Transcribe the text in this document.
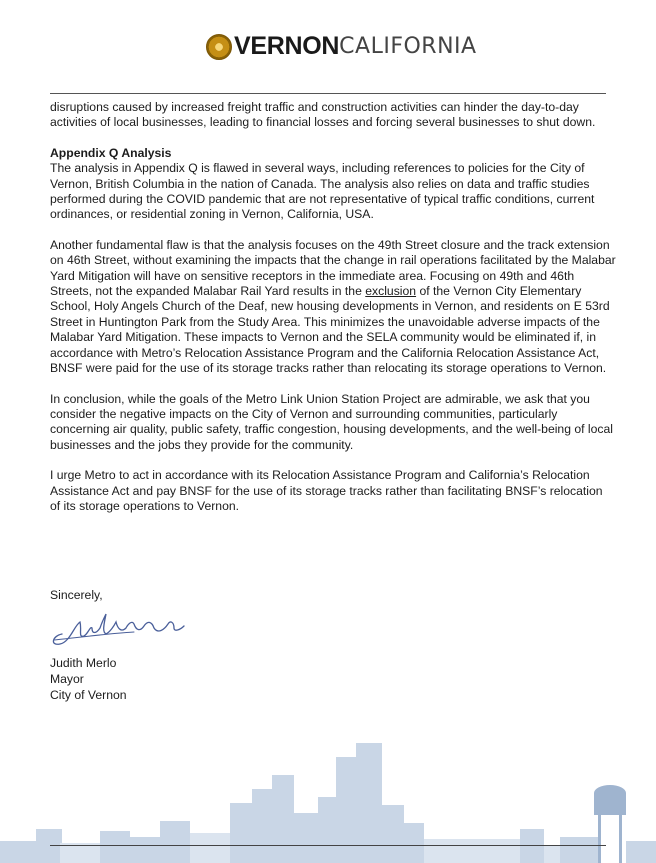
VERNON CALIFORNIA

disruptions caused by increased freight traffic and construction activities can hinder the day-to-day activities of local businesses, leading to financial losses and forcing several businesses to shut down.

Appendix Q Analysis

The analysis in Appendix Q is flawed in several ways, including references to policies for the City of Vernon, British Columbia in the nation of Canada. The analysis also relies on data and traffic studies performed during the COVID pandemic that are not representative of typical traffic conditions, current ordinances, or residential zoning in Vernon, California, USA.

Another fundamental flaw is that the analysis focuses on the 49th Street closure and the track extension on 46th Street, without examining the impacts that the change in rail operations facilitated by the Malabar Yard Mitigation will have on sensitive receptors in the immediate area. Focusing on 49th and 46th Streets, not the expanded Malabar Rail Yard results in the exclusion of the Vernon City Elementary School, Holy Angels Church of the Deaf, new housing developments in Vernon, and residents on E 53rd Street in Huntington Park from the Study Area. This minimizes the unavoidable adverse impacts of the Malabar Yard Mitigation. These impacts to Vernon and the SELA community would be eliminated if, in accordance with Metro’s Relocation Assistance Program and the California Relocation Assistance Act, BNSF were paid for the use of its storage tracks rather than relocating its storage operations to Vernon.

In conclusion, while the goals of the Metro Link Union Station Project are admirable, we ask that you consider the negative impacts on the City of Vernon and surrounding communities, particularly concerning air quality, public safety, traffic congestion, housing developments, and the well-being of local businesses and the jobs they provide for the community.

I urge Metro to act in accordance with its Relocation Assistance Program and California’s Relocation Assistance Act and pay BNSF for the use of its storage tracks rather than facilitating BNSF’s relocation of its storage operations to Vernon.

Sincerely,
Judith Merlo
Mayor
City of Vernon
